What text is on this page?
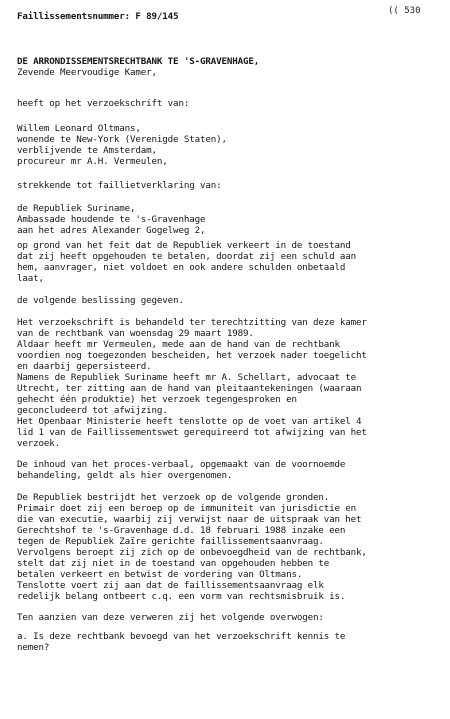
Faillissementsnummer: F 89/145	(( 530
DE ARRONDISSEMENTSRECHTBANK TE 'S-GRAVENHAGE,
Zevende Meervoudige Kamer,
heeft op het verzoekschrift van:
Willem Leonard Oltmans,
wonende te New-York (Verenigde Staten),
verblijvende te Amsterdam,
procureur mr A.H. Vermeulen,
strekkende tot faillietverklaring van:
de Republiek Suriname,
Ambassade houdende te 's-Gravenhage
aan het adres Alexander Gogelweg 2,
op grond van het feit dat de Republiek verkeert in de toestand
dat zij heeft opgehouden te betalen, doordat zij een schuld aan
hem, aanvrager, niet voldoet en ook andere schulden onbetaald
laat,
de volgende beslissing gegeven.
Het verzoekschrift is behandeld ter terechtzitting van deze kamer
van de rechtbank van woensdag 29 maart 1989.
Aldaar heeft mr Vermeulen, mede aan de hand van de rechtbank
voordien nog toegezonden bescheiden, het verzoek nader toegelicht
en daarbij gepersisteerd.
Namens de Republiek Suriname heeft mr A. Schellart, advocaat te
Utrecht, ter zitting aan de hand van pleitaantekeningen (waaraan
gehecht één produktie) het verzoek tegengesproken en
geconcludeerd tot afwijzing.
Het Openbaar Ministerie heeft tenslotte op de voet van artikel 4
lid 1 van de Faillissementswet gerequireerd tot afwijzing van het
verzoek.
De inhoud van het proces-verbaal, opgemaakt van de voornoemde
behandeling, geldt als hier overgenomen.
De Republiek bestrijdt het verzoek op de volgende gronden.
Primair doet zij een beroep op de immuniteit van jurisdictie en
die van executie, waarbij zij verwijst naar de uitspraak van het
Gerechtshof te 's-Gravenhage d.d. 18 februari 1988 inzake een
tegen de Republiek Zaïre gerichte faillissementsaanvraag.
Vervolgens beroept zij zich op de onbevoegdheid van de rechtbank,
stelt dat zij niet in de toestand van opgehouden hebben te
betalen verkeert en betwist de vordering van Oltmans.
Tenslotte voert zij aan dat de faillissementsaanvraag elk
redelijk belang ontbeert c.q. een vorm van rechtsmisbruik is.
Ten aanzien van deze verweren zij het volgende overwogen:
a. Is deze rechtbank bevoegd van het verzoekschrift kennis te
nemen?
